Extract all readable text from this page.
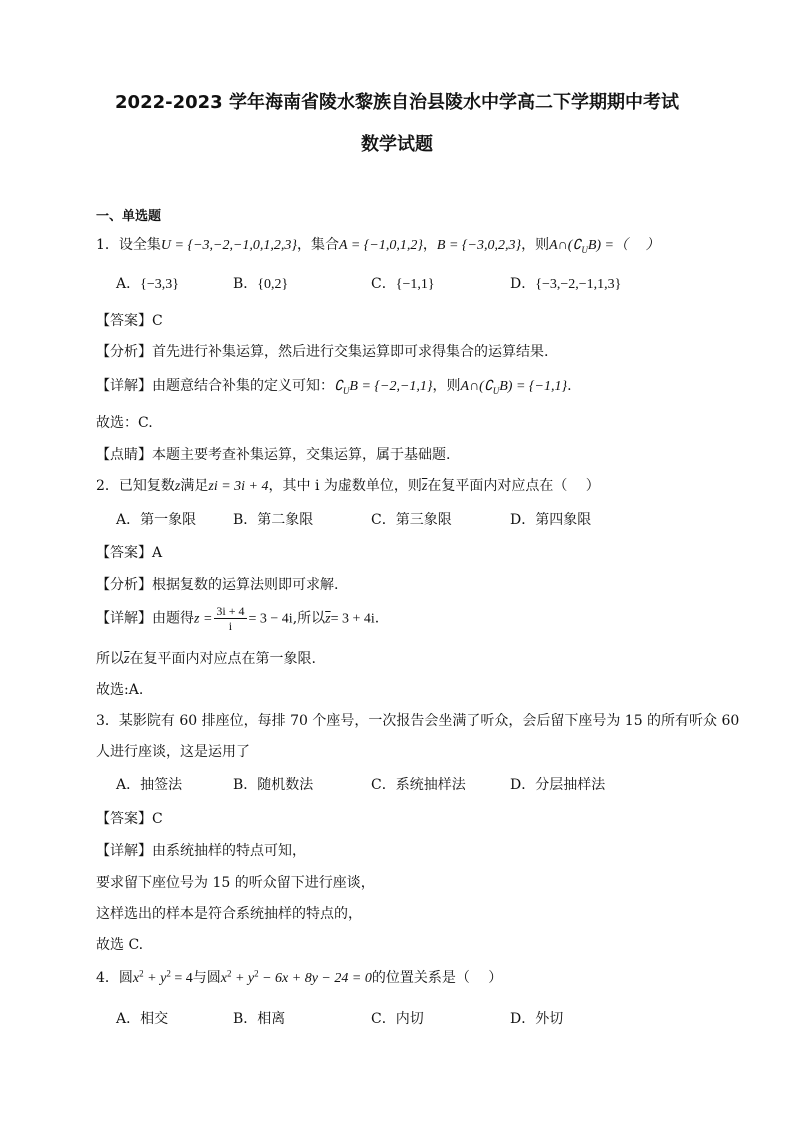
2022-2023 学年海南省陵水黎族自治县陵水中学高二下学期期中考试
数学试题
一、单选题
1．设全集U = {−3,−2,−1,0,1,2,3}，集合A = {−1,0,1,2}，B = {−3,0,2,3}，则$A\cap(∁_UB)$ =（　 ）
A．{−3,3}	B．{0,2}	C．{−1,1}	D．{−3,−2,−1,1,3}
【答案】C
【分析】首先进行补集运算，然后进行交集运算即可求得集合的运算结果.
【详解】由题意结合补集的定义可知：$∁_UB = \{-2,-1,1\}$，则$A\cap(∁_UB) = \{-1,1\}$.
故选：C.
【点睛】本题主要考查补集运算，交集运算，属于基础题.
2．已知复数z满足zi = 3i + 4，其中 i 为虚数单位，则$\overline{z}$在复平面内对应点在（　 ）
A．第一象限	B．第二象限	C．第三象限	D．第四象限
【答案】A
【分析】根据复数的运算法则即可求解.
【详解】由题得$z = \frac{3i + 4}{i} = 3 - 4i$,所以$\overline{z}= 3 + 4i$.
所以$\overline{z}$在复平面内对应点在第一象限.
故选:A.
3．某影院有 60 排座位，每排 70 个座号，一次报告会坐满了听众，会后留下座号为 15 的所有听众 60
人进行座谈，这是运用了
A．抽签法	B．随机数法	C．系统抽样法	D．分层抽样法
【答案】C
【详解】由系统抽样的特点可知，
要求留下座位号为 15 的听众留下进行座谈，
这样选出的样本是符合系统抽样的特点的，
故选 C.
4．圆$x^2 + y^2 = 4$与圆$x^2 + y^2 - 6x + 8y - 24 = 0$的位置关系是（　 ）
A．相交	B．相离	C．内切	D．外切
